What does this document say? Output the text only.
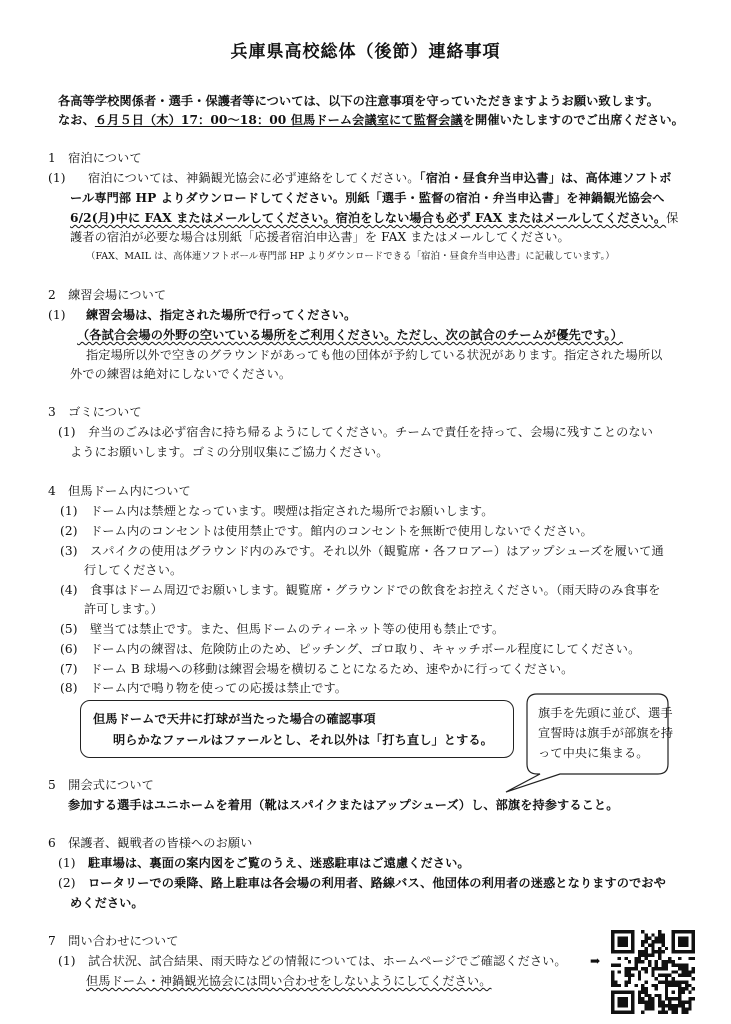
兵庫県高校総体（後節）連絡事項
各高等学校関係者・選手・保護者等については、以下の注意事項を守っていただきますようお願い致します。
なお、６月５日（木）17：00～18：00 但馬ドーム会議室にて監督会議を開催いたしますのでご出席ください。
1　宿泊について
(1) 宿泊については、神鍋観光協会に必ず連絡をしてください。「宿泊・昼食弁当申込書」は、高体連ソフトボ
ール専門部 HP よりダウンロードしてください。別紙「選手・監督の宿泊・弁当申込書」を神鍋観光協会へ
6/2(月)中に FAX またはメールしてください。宿泊をしない場合も必ず FAX またはメールしてください。保
護者の宿泊が必要な場合は別紙「応援者宿泊申込書」を FAX またはメールしてください。
（FAX、MAIL は、高体連ソフトボール専門部 HP よりダウンロードできる「宿泊・昼食弁当申込書」に記載しています。）
2　練習会場について
(1) 練習会場は、指定された場所で行ってください。
（各試合会場の外野の空いている場所をご利用ください。ただし、次の試合のチームが優先です。）
指定場所以外で空きのグラウンドがあっても他の団体が予約している状況があります。指定された場所以
外での練習は絶対にしないでください。
3　ゴミについて
(1) 弁当のごみは必ず宿舎に持ち帰るようにしてください。チームで責任を持って、会場に残すことのない
ようにお願いします。ゴミの分別収集にご協力ください。
4　但馬ドーム内について
(1) ドーム内は禁煙となっています。喫煙は指定された場所でお願いします。
(2) ドーム内のコンセントは使用禁止です。館内のコンセントを無断で使用しないでください。
(3) スパイクの使用はグラウンド内のみです。それ以外（観覧席・各フロアー）はアップシューズを履いて通
行してください。
(4) 食事はドーム周辺でお願いします。観覧席・グラウンドでの飲食をお控えください。（雨天時のみ食事を
許可します。）
(5) 壁当ては禁止です。また、但馬ドームのティーネット等の使用も禁止です。
(6) ドーム内の練習は、危険防止のため、ピッチング、ゴロ取り、キャッチボール程度にしてください。
(7) ドーム B 球場への移動は練習会場を横切ることになるため、速やかに行ってください。
(8) ドーム内で鳴り物を使っての応援は禁止です。
但馬ドームで天井に打球が当たった場合の確認事項
明らかなファールはファールとし、それ以外は「打ち直し」とする。
旗手を先頭に並び、選手
宣誓時は旗手が部旗を持
って中央に集まる。
5　開会式について
参加する選手はユニホームを着用（靴はスパイクまたはアップシューズ）し、部旗を持参すること。
6　保護者、観戦者の皆様へのお願い
(1) 駐車場は、裏面の案内図をご覧のうえ、迷惑駐車はご遠慮ください。
(2) ロータリーでの乗降、路上駐車は各会場の利用者、路線バス、他団体の利用者の迷惑となりますのでおや
めください。
7　問い合わせについて
(1) 試合状況、試合結果、雨天時などの情報については、ホームページでご確認ください。 ➡
但馬ドーム・神鍋観光協会には問い合わせをしないようにしてください。
